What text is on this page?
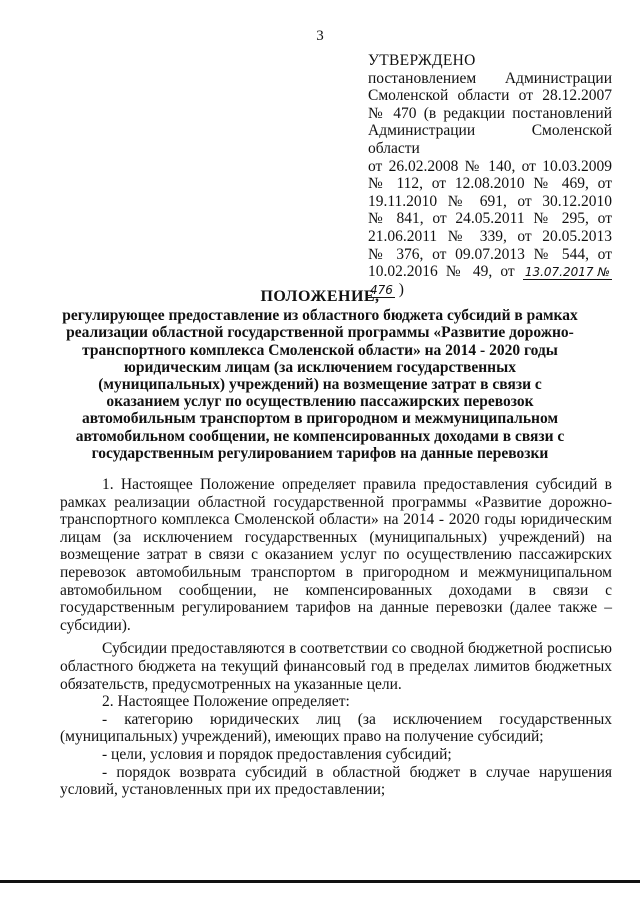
3
УТВЕРЖДЕНО
постановлением Администрации
Смоленской области от 28.12.2007
№ 470 (в редакции постановлений
Администрации Смоленской области
от 26.02.2008 № 140, от 10.03.2009
№ 112, от 12.08.2010 № 469, от
19.11.2010 № 691, от 30.12.2010
№ 841, от 24.05.2011 № 295, от
21.06.2011 № 339, от 20.05.2013
№ 376, от 09.07.2013 № 544, от
10.02.2016 № 49, от 13.07.2017 №476 )
ПОЛОЖЕНИЕ,
регулирующее предоставление из областного бюджета субсидий в рамках реализации областной государственной программы «Развитие дорожно-транспортного комплекса Смоленской области» на 2014 - 2020 годы юридическим лицам (за исключением государственных (муниципальных) учреждений) на возмещение затрат в связи с оказанием услуг по осуществлению пассажирских перевозок автомобильным транспортом в пригородном и межмуниципальном автомобильном сообщении, не компенсированных доходами в связи с государственным регулированием тарифов на данные перевозки

1. Настоящее Положение определяет правила предоставления субсидий в рамках реализации областной государственной программы «Развитие дорожно-транспортного комплекса Смоленской области» на 2014 - 2020 годы юридическим лицам (за исключением государственных (муниципальных) учреждений) на возмещение затрат в связи с оказанием услуг по осуществлению пассажирских перевозок автомобильным транспортом в пригородном и межмуниципальном автомобильном сообщении, не компенсированных доходами в связи с государственным регулированием тарифов на данные перевозки (далее также – субсидии).

Субсидии предоставляются в соответствии со сводной бюджетной росписью областного бюджета на текущий финансовый год в пределах лимитов бюджетных обязательств, предусмотренных на указанные цели.

2. Настоящее Положение определяет:

- категорию юридических лиц (за исключением государственных (муниципальных) учреждений), имеющих право на получение субсидий;

- цели, условия и порядок предоставления субсидий;

- порядок возврата субсидий в областной бюджет в случае нарушения условий, установленных при их предоставлении;
